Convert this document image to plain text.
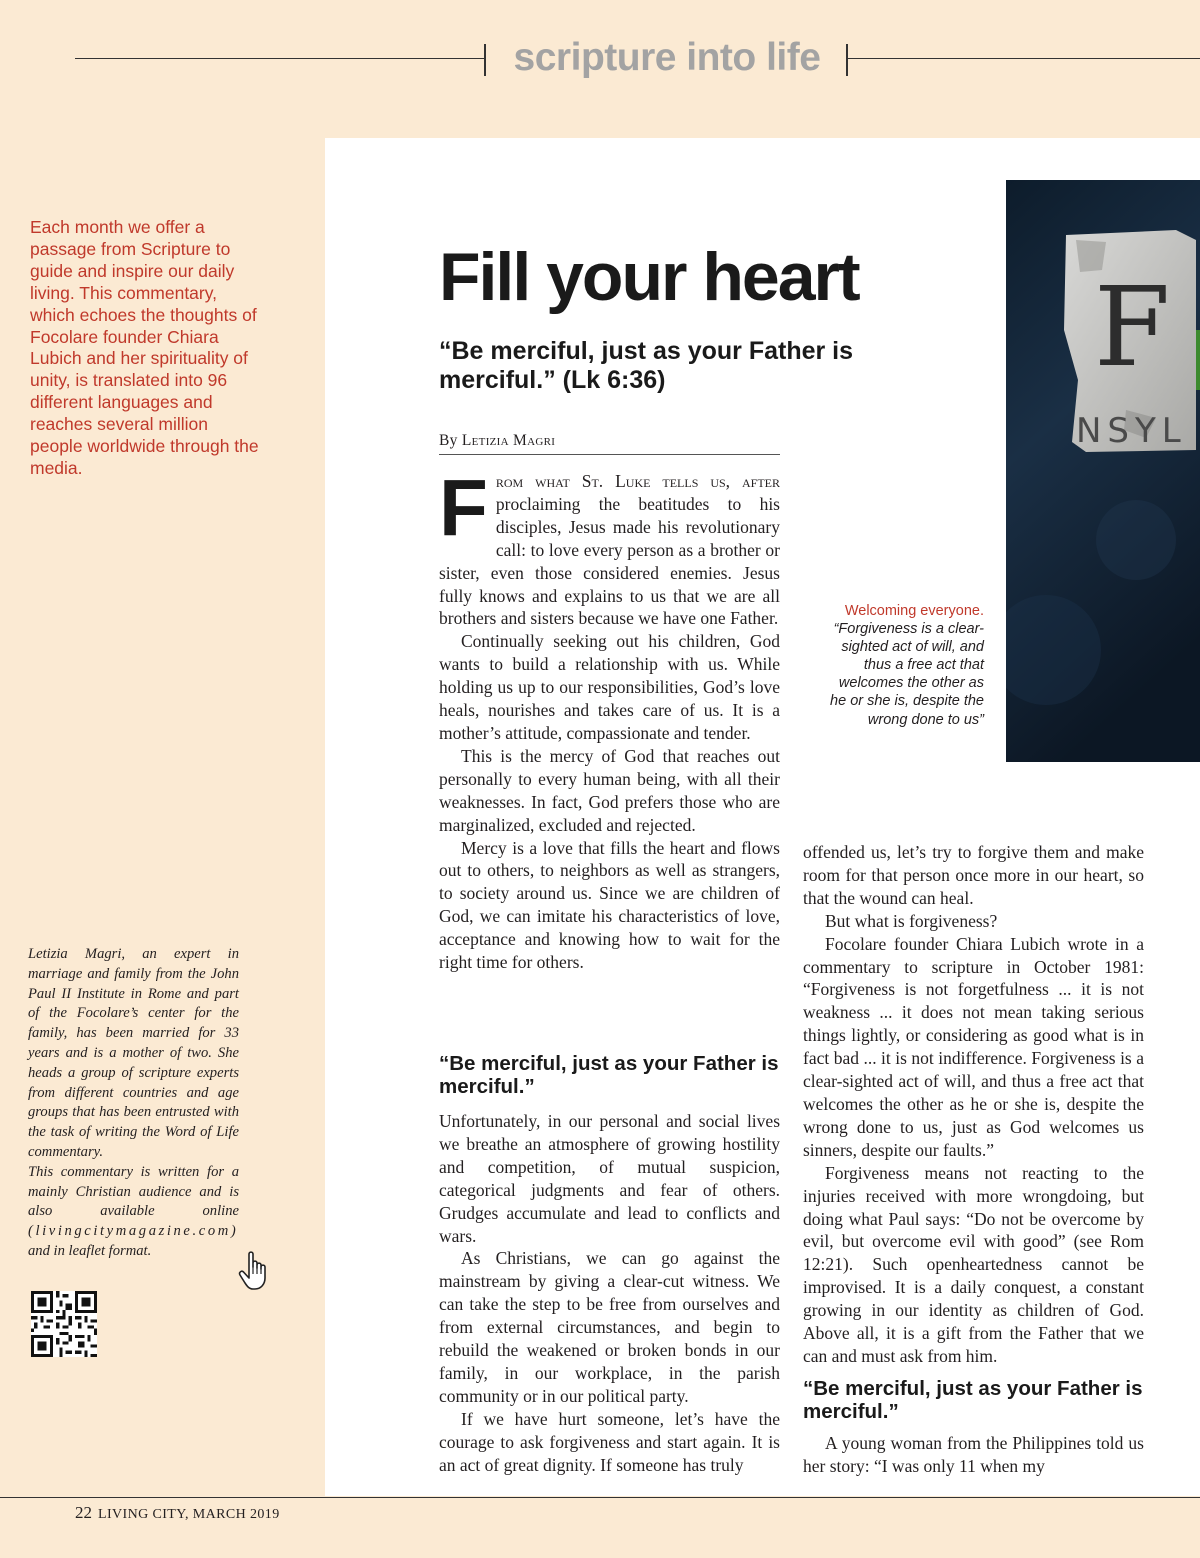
scripture into life
F
NSYL
Each month we offer a passage from Scripture to guide and inspire our daily living. This commentary, which echoes the thoughts of Focolare founder Chiara Lubich and her spirituality of unity, is translated into 96 different languages and reaches several million people worldwide through the media.
Fill your heart
“Be merciful, just as your Father is merciful.” (Lk 6:36)
By Letizia Magri

From what St. Luke tells us, after proclaiming the beatitudes to his disciples, Jesus made his revolutionary call: to love every person as a brother or sister, even those considered enemies. Jesus fully knows and explains to us that we are all brothers and sisters because we have one Father.

Continually seeking out his children, God wants to build a relationship with us. While holding us up to our responsibilities, God’s love heals, nourishes and takes care of us. It is a mother’s attitude, compassionate and tender.

This is the mercy of God that reaches out personally to every human being, with all their weaknesses. In fact, God prefers those who are marginalized, excluded and rejected.

Mercy is a love that fills the heart and flows out to others, to neighbors as well as strangers, to society around us. Since we are children of God, we can imitate his characteristics of love, acceptance and knowing how to wait for the right time for others.

“Be merciful, just as your Father is merciful.”

Unfortunately, in our personal and social lives we breathe an atmosphere of growing hostility and competition, of mutual suspicion, categorical judgments and fear of others. Grudges accumulate and lead to conflicts and wars.

As Christians, we can go against the mainstream by giving a clear-cut witness. We can take the step to be free from ourselves and from external circumstances, and begin to rebuild the weakened or broken bonds in our family, in our workplace, in the parish community or in our political party.

If we have hurt someone, let’s have the courage to ask forgiveness and start again. It is an act of great dignity. If someone has truly

Welcoming everyone.
“Forgiveness is a clear-sighted act of will, and thus a free act that welcomes the other as he or she is, despite the wrong done to us”

offended us, let’s try to forgive them and make room for that person once more in our heart, so that the wound can heal.

But what is forgiveness?

Focolare founder Chiara Lubich wrote in a commentary to scripture in October 1981: “Forgiveness is not forgetfulness ... it is not weakness ... it does not mean taking serious things lightly, or considering as good what is in fact bad ... it is not indifference. Forgiveness is a clear-sighted act of will, and thus a free act that welcomes the other as he or she is, despite the wrong done to us, just as God welcomes us sinners, despite our faults.”

Forgiveness means not reacting to the injuries received with more wrongdoing, but doing what Paul says: “Do not be overcome by evil, but overcome evil with good” (see Rom 12:21). Such openheartedness cannot be improvised. It is a daily conquest, a constant growing in our identity as children of God. Above all, it is a gift from the Father that we can and must ask from him.

“Be merciful, just as your Father is merciful.”

A young woman from the Philippines told us her story: “I was only 11 when my

Letizia Magri, an expert in marriage and family from the John Paul II Institute in Rome and part of the Focolare’s center for the family, has been married for 33 years and is a mother of two. She heads a group of scripture experts from different countries and age groups that has been entrusted with the task of writing the Word of Life commentary.
This commentary is written for a mainly Christian audience and is also available online (livingcitymagazine.com) and in leaflet format.
22 LIVING CITY, MARCH 2019
